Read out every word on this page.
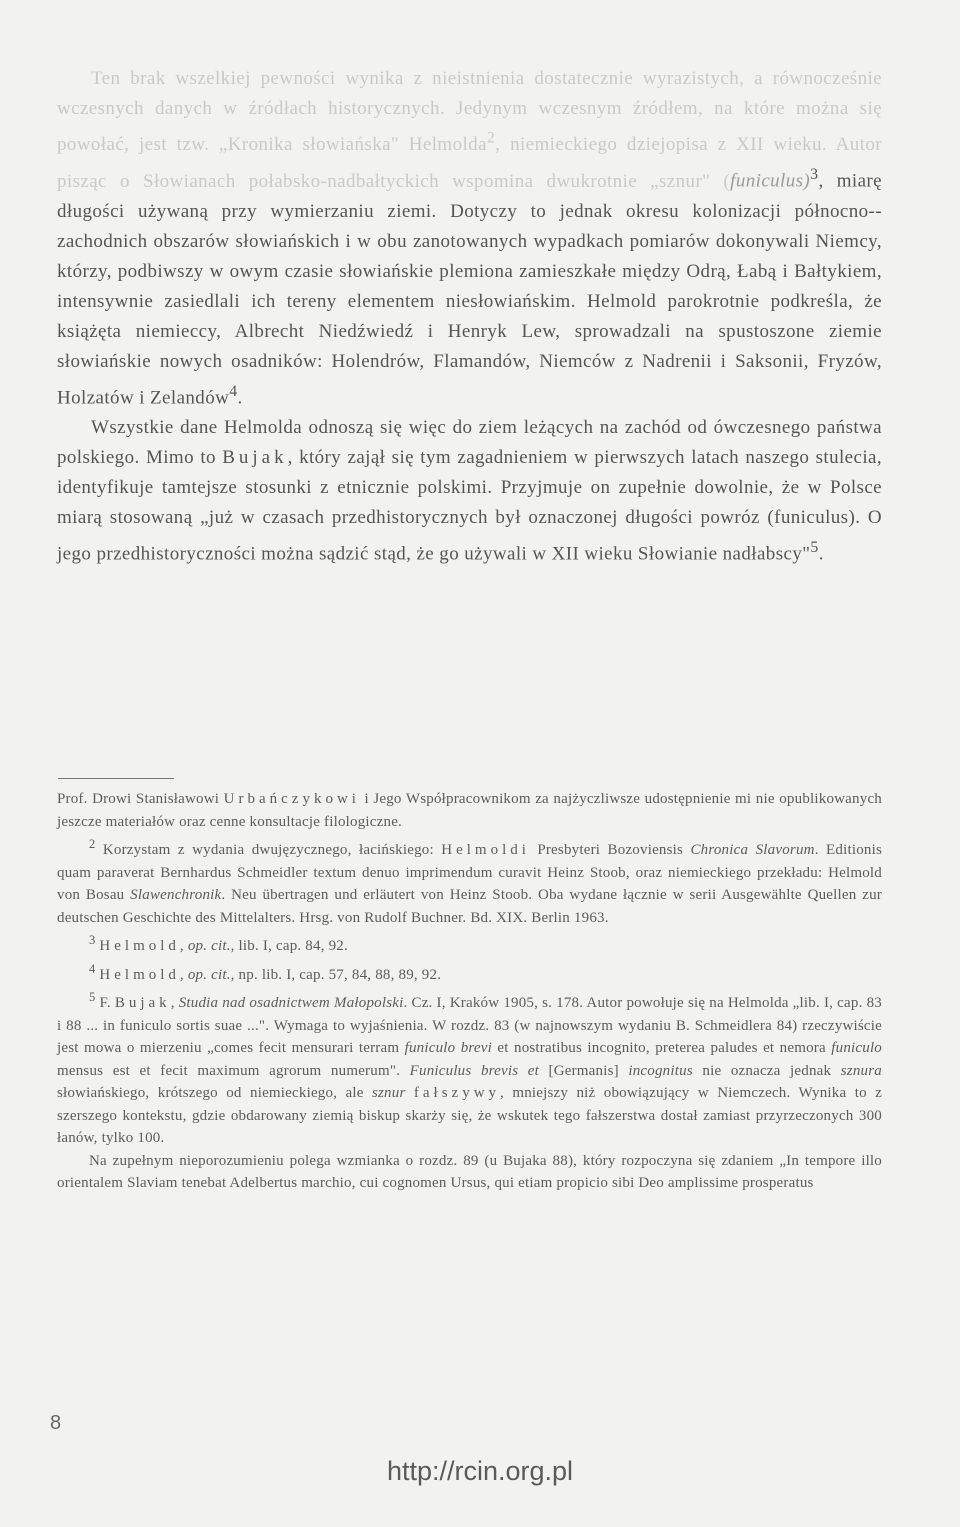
Ten brak wszelkiej pewności wynika z nieistnienia dostatecznie wyrazistych, a równocześnie wczesnych danych w źródłach historycznych. Jedynym wczesnym źródłem, na które można się powołać, jest tzw. „Kronika słowiańska" Helmolda$^2$, niemieckiego dziejopisa z XII wieku. Autor pisząc o Słowianach połabsko-nadbałtyckich wspomina dwukrotnie „sznur" (funiculus)$^3$, miarę długości używaną przy wymierzaniu ziemi. Dotyczy to jednak okresu kolonizacji północno--zachodnich obszarów słowiańskich i w obu zanotowanych wypadkach pomiarów dokonywali Niemcy, którzy, podbiwszy w owym czasie słowiańskie plemiona zamieszkałe między Odrą, Łabą i Bałtykiem, intensywnie zasiedlali ich tereny elementem niesłowiańskim. Helmold parokrotnie podkreśla, że książęta niemieccy, Albrecht Niedźwiedź i Henryk Lew, sprowadzali na spustoszone ziemie słowiańskie nowych osadników: Holendrów, Flamandów, Niemców z Nadrenii i Saksonii, Fryzów, Holzatów i Zelandów$^4$.

Wszystkie dane Helmolda odnoszą się więc do ziem leżących na zachód od ówczesnego państwa polskiego. Mimo to Bujak, który zajął się tym zagadnieniem w pierwszych latach naszego stulecia, identyfikuje tamtejsze stosunki z etnicznie polskimi. Przyjmuje on zupełnie dowolnie, że w Polsce miarą stosowaną „już w czasach przedhistorycznych był oznaczonej długości powróz (funiculus). O jego przedhistoryczności można sądzić stąd, że go używali w XII wieku Słowianie nadłabscy"$^5$.

Prof. Drowi Stanisławowi Urbańczykowi i Jego Współpracownikom za najżyczliwsze udostępnienie mi nie opublikowanych jeszcze materiałów oraz cenne konsultacje filologiczne.

$^2$ Korzystam z wydania dwujęzycznego, łacińskiego: Helmoldi Presbyteri Bozoviensis Chronica Slavorum. Editionis quam paraverat Bernhardus Schmeidler textum denuo imprimendum curavit Heinz Stoob, oraz niemieckiego przekładu: Helmold von Bosau Slawenchronik. Neu übertragen und erläutert von Heinz Stoob. Oba wydane łącznie w serii Ausgewählte Quellen zur deutschen Geschichte des Mittelalters. Hrsg. von Rudolf Buchner. Bd. XIX. Berlin 1963.

$^3$ Helmold, op. cit., lib. I, cap. 84, 92.

$^4$ Helmold, op. cit., np. lib. I, cap. 57, 84, 88, 89, 92.

$^5$ F. Bujak, Studia nad osadnictwem Małopolski. Cz. I, Kraków 1905, s. 178. Autor powołuje się na Helmolda „lib. I, cap. 83 i 88 ... in funiculo sortis suae ...". Wymaga to wyjaśnienia. W rozdz. 83 (w najnowszym wydaniu B. Schmeidlera 84) rzeczywiście jest mowa o mierzeniu „comes fecit mensurari terram funiculo brevi et nostratibus incognito, preterea paludes et nemora funiculo mensus est et fecit maximum agrorum numerum". Funiculus brevis et [Germanis] incognitus nie oznacza jednak sznura słowiańskiego, krótszego od niemieckiego, ale sznur fałszywy, mniejszy niż obowiązujący w Niemczech. Wynika to z szerszego kontekstu, gdzie obdarowany ziemią biskup skarży się, że wskutek tego fałszerstwa dostał zamiast przyrzeczonych 300 łanów, tylko 100.

Na zupełnym nieporozumieniu polega wzmianka o rozdz. 89 (u Bujaka 88), który rozpoczyna się zdaniem „In tempore illo orientalem Slaviam tenebat Adelbertus marchio, cui cognomen Ursus, qui etiam propicio sibi Deo amplissime prosperatus

8
http://rcin.org.pl
